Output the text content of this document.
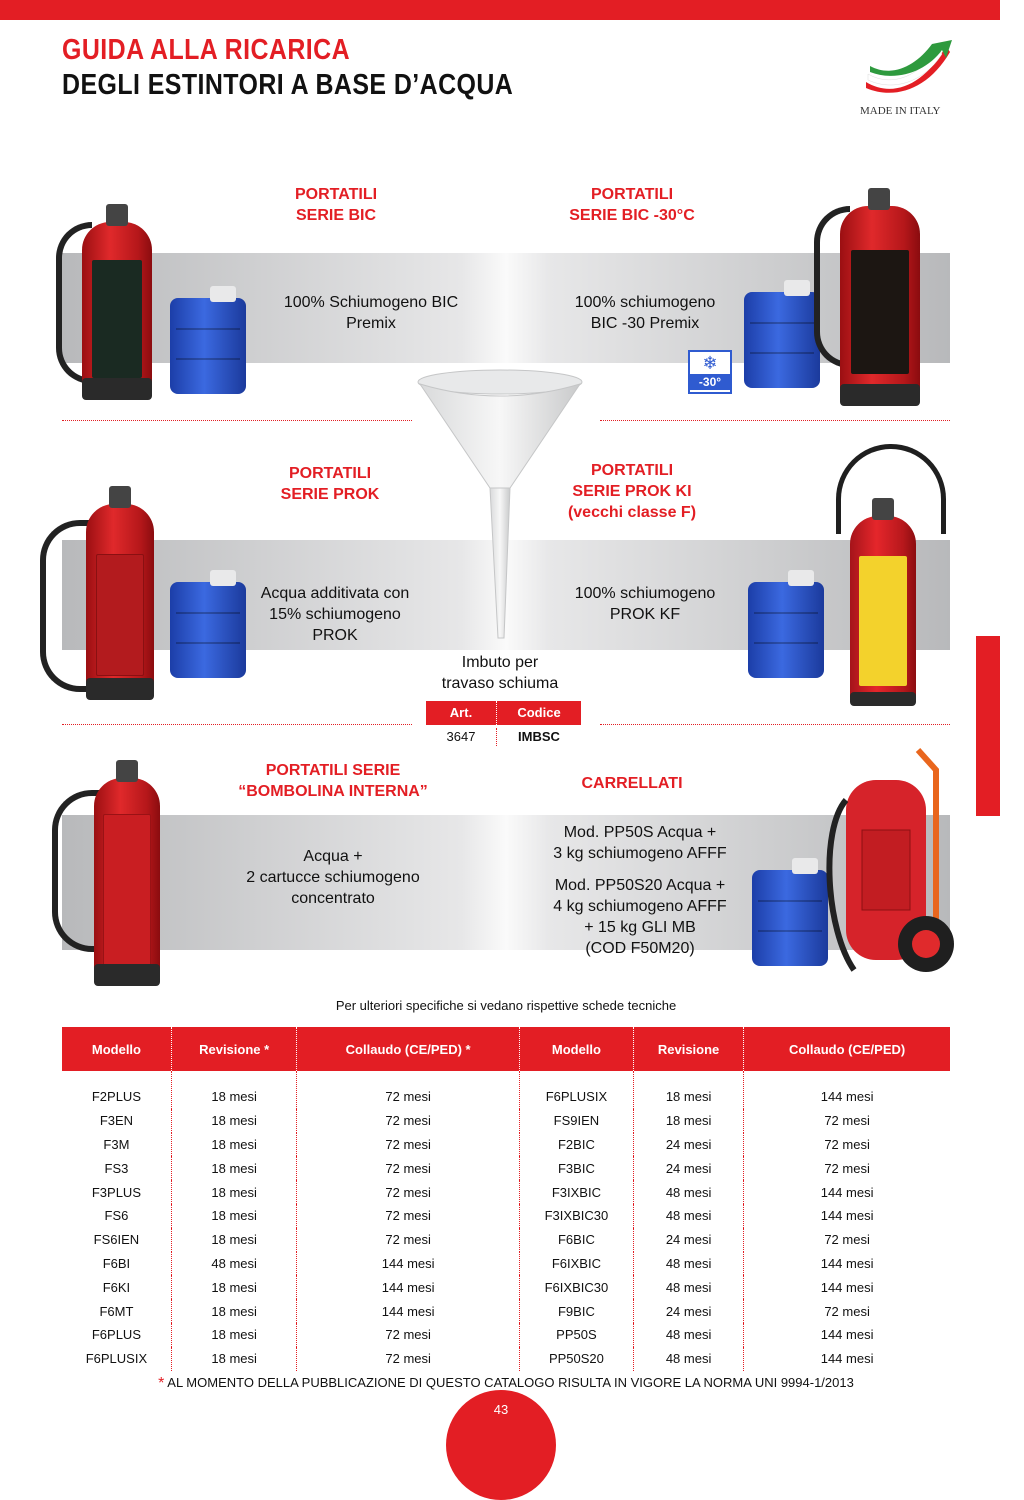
GUIDA ALLA RICARICA
DEGLI ESTINTORI A BASE D’ACQUA
MADE IN ITALY
PORTATILI
SERIE BIC
100% Schiumogeno BIC
Premix
PORTATILI
SERIE BIC -30°C
100% schiumogeno
BIC -30 Premix
❄
-30°
Imbuto per
travaso schiuma
Art.	Codice
3647	IMBSC
PORTATILI
SERIE PROK
Acqua additivata con
15% schiumogeno
PROK
PORTATILI
SERIE PROK KI
(vecchi classe F)
100% schiumogeno
PROK KF
PORTATILI SERIE
“BOMBOLINA INTERNA”
Acqua +
2 cartucce schiumogeno
concentrato
CARRELLATI
Mod. PP50S Acqua +
3 kg schiumogeno AFFF
Mod. PP50S20 Acqua +
4 kg schiumogeno AFFF
+ 15 kg GLI MB
(COD F50M20)
Per ulteriori specifiche si vedano rispettive schede tecniche
Modello	Revisione *	Collaudo (CE/PED) *	Modello	Revisione	Collaudo (CE/PED)
F2PLUS	18 mesi	72 mesi	F6PLUSIX	18 mesi	144 mesi
F3EN	18 mesi	72 mesi	FS9IEN	18 mesi	72 mesi
F3M	18 mesi	72 mesi	F2BIC	24 mesi	72 mesi
FS3	18 mesi	72 mesi	F3BIC	24 mesi	72 mesi
F3PLUS	18 mesi	72 mesi	F3IXBIC	48 mesi	144 mesi
FS6	18 mesi	72 mesi	F3IXBIC30	48 mesi	144 mesi
FS6IEN	18 mesi	72 mesi	F6BIC	24 mesi	72 mesi
F6BI	48 mesi	144 mesi	F6IXBIC	48 mesi	144 mesi
F6KI	18 mesi	144 mesi	F6IXBIC30	48 mesi	144 mesi
F6MT	18 mesi	144 mesi	F9BIC	24 mesi	72 mesi
F6PLUS	18 mesi	72 mesi	PP50S	48 mesi	144 mesi
F6PLUSIX	18 mesi	72 mesi	PP50S20	48 mesi	144 mesi
* AL MOMENTO DELLA PUBBLICAZIONE DI QUESTO CATALOGO RISULTA IN VIGORE LA NORMA UNI 9994-1/2013
43
